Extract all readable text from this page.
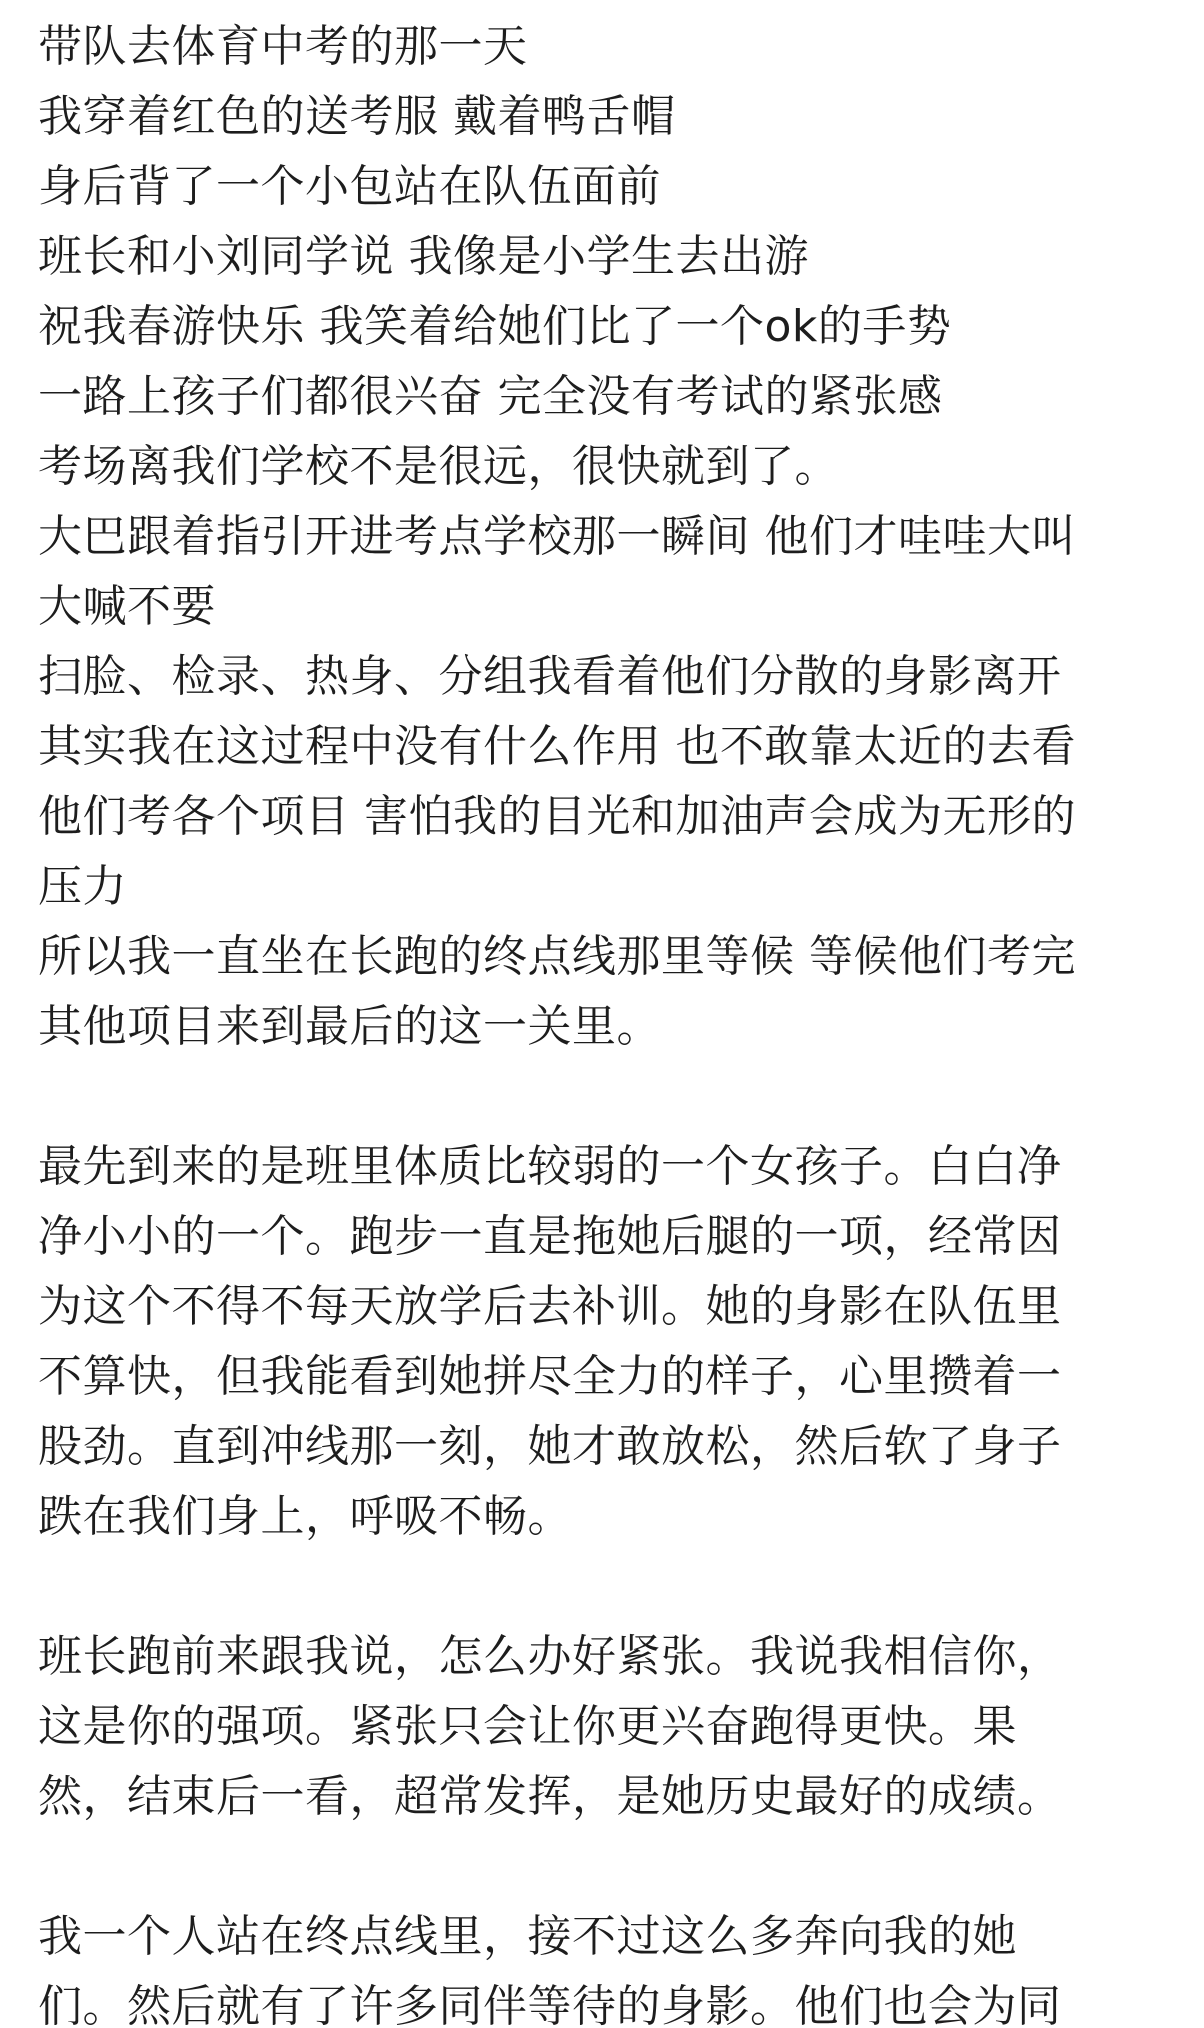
带队去体育中考的那一天
我穿着红色的送考服 戴着鸭舌帽
身后背了一个小包站在队伍面前
班长和小刘同学说 我像是小学生去出游
祝我春游快乐 我笑着给她们比了一个ok的手势
一路上孩子们都很兴奋 完全没有考试的紧张感
考场离我们学校不是很远，很快就到了。
大巴跟着指引开进考点学校那一瞬间 他们才哇哇大叫
大喊不要
扫脸、检录、热身、分组我看着他们分散的身影离开
其实我在这过程中没有什么作用 也不敢靠太近的去看
他们考各个项目 害怕我的目光和加油声会成为无形的
压力
所以我一直坐在长跑的终点线那里等候 等候他们考完
其他项目来到最后的这一关里。
最先到来的是班里体质比较弱的一个女孩子。白白净
净小小的一个。跑步一直是拖她后腿的一项，经常因
为这个不得不每天放学后去补训。她的身影在队伍里
不算快，但我能看到她拼尽全力的样子，心里攒着一
股劲。直到冲线那一刻，她才敢放松，然后软了身子
跌在我们身上，呼吸不畅。
班长跑前来跟我说，怎么办好紧张。我说我相信你，
这是你的强项。紧张只会让你更兴奋跑得更快。果
然，结束后一看，超常发挥，是她历史最好的成绩。
我一个人站在终点线里，接不过这么多奔向我的她
们。然后就有了许多同伴等待的身影。他们也会为同
